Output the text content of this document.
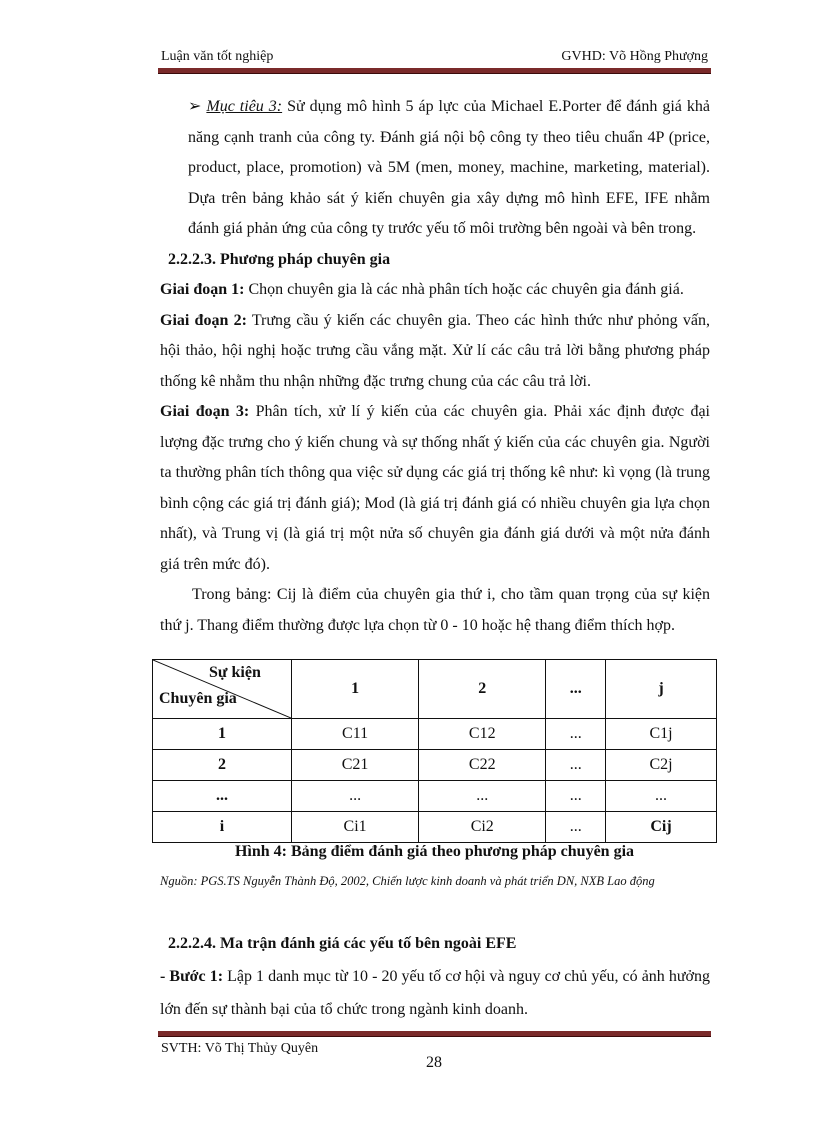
Luận văn tốt nghiệp	GVHD: Võ Hồng Phượng

➢ Mục tiêu 3: Sử dụng mô hình 5 áp lực của Michael E.Porter để đánh giá khả năng cạnh tranh của công ty. Đánh giá nội bộ công ty theo tiêu chuẩn 4P (price, product, place, promotion) và 5M (men, money, machine, marketing, material). Dựa trên bảng khảo sát ý kiến chuyên gia xây dựng mô hình EFE, IFE nhằm đánh giá phản ứng của công ty trước yếu tố môi trường bên ngoài và bên trong.

2.2.2.3. Phương pháp chuyên gia

Giai đoạn 1: Chọn chuyên gia là các nhà phân tích hoặc các chuyên gia đánh giá.

Giai đoạn 2: Trưng cầu ý kiến các chuyên gia. Theo các hình thức như phỏng vấn, hội thảo, hội nghị hoặc trưng cầu vắng mặt. Xử lí các câu trả lời bằng phương pháp thống kê nhằm thu nhận những đặc trưng chung của các câu trả lời.

Giai đoạn 3: Phân tích, xử lí ý kiến của các chuyên gia. Phải xác định được đại lượng đặc trưng cho ý kiến chung và sự thống nhất ý kiến của các chuyên gia. Người ta thường phân tích thông qua việc sử dụng các giá trị thống kê như: kì vọng (là trung bình cộng các giá trị đánh giá); Mod (là giá trị đánh giá có nhiều chuyên gia lựa chọn nhất), và Trung vị (là giá trị một nửa số chuyên gia đánh giá dưới và một nửa đánh giá trên mức đó).

Trong bảng: Cij là điểm của chuyên gia thứ i, cho tầm quan trọng của sự kiện thứ j. Thang điểm thường được lựa chọn từ 0 - 10 hoặc hệ thang điểm thích hợp.

Sự kiện
Chuyên gia	1	2	...	j
1	C11	C12	...	C1j
2	C21	C22	...	C2j
...	...	...	...	...
i	Ci1	Ci2	...	Cij
Hình 4: Bảng điểm đánh giá theo phương pháp chuyên gia
Nguồn: PGS.TS Nguyễn Thành Độ, 2002, Chiến lược kinh doanh và phát triển DN, NXB Lao động

2.2.2.4. Ma trận đánh giá các yếu tố bên ngoài EFE

- Bước 1: Lập 1 danh mục từ 10 - 20 yếu tố cơ hội và nguy cơ chủ yếu, có ảnh hưởng lớn đến sự thành bại của tổ chức trong ngành kinh doanh.

SVTH: Võ Thị Thủy Quyên
28
